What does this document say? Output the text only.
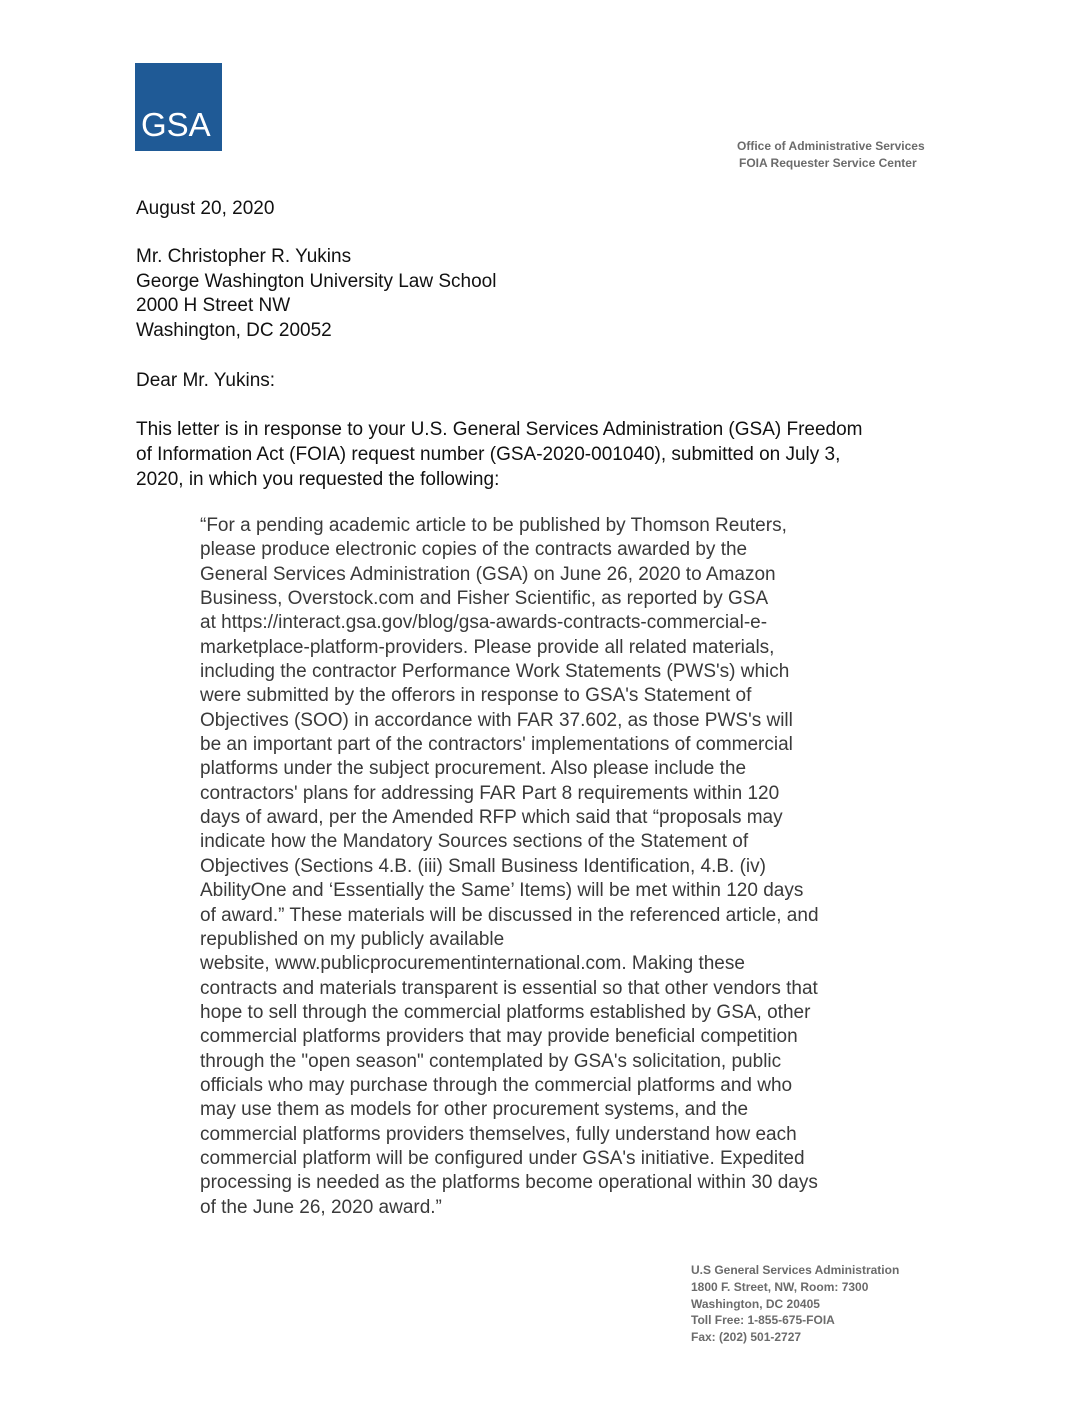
GSA
Office of Administrative Services
FOIA Requester Service Center
August 20, 2020
Mr. Christopher R. Yukins
George Washington University Law School
2000 H Street NW
Washington, DC 20052
Dear Mr. Yukins:
This letter is in response to your U.S. General Services Administration (GSA) Freedom
of Information Act (FOIA) request number (GSA-2020-001040), submitted on July 3,
2020, in which you requested the following:
“For a pending academic article to be published by Thomson Reuters,
please produce electronic copies of the contracts awarded by the
General Services Administration (GSA) on June 26, 2020 to Amazon
Business, Overstock.com and Fisher Scientific, as reported by GSA
at https://interact.gsa.gov/blog/gsa-awards-contracts-commercial-e-
marketplace-platform-providers. Please provide all related materials,
including the contractor Performance Work Statements (PWS's) which
were submitted by the offerors in response to GSA's Statement of
Objectives (SOO) in accordance with FAR 37.602, as those PWS's will
be an important part of the contractors' implementations of commercial
platforms under the subject procurement. Also please include the
contractors' plans for addressing FAR Part 8 requirements within 120
days of award, per the Amended RFP which said that “proposals may
indicate how the Mandatory Sources sections of the Statement of
Objectives (Sections 4.B. (iii) Small Business Identification, 4.B. (iv)
AbilityOne and ‘Essentially the Same’ Items) will be met within 120 days
of award.” These materials will be discussed in the referenced article, and
republished on my publicly available
website, www.publicprocurementinternational.com. Making these
contracts and materials transparent is essential so that other vendors that
hope to sell through the commercial platforms established by GSA, other
commercial platforms providers that may provide beneficial competition
through the "open season" contemplated by GSA's solicitation, public
officials who may purchase through the commercial platforms and who
may use them as models for other procurement systems, and the
commercial platforms providers themselves, fully understand how each
commercial platform will be configured under GSA's initiative. Expedited
processing is needed as the platforms become operational within 30 days
of the June 26, 2020 award.”
U.S General Services Administration
1800 F. Street, NW, Room: 7300
Washington, DC 20405
Toll Free: 1-855-675-FOIA
Fax: (202) 501-2727
